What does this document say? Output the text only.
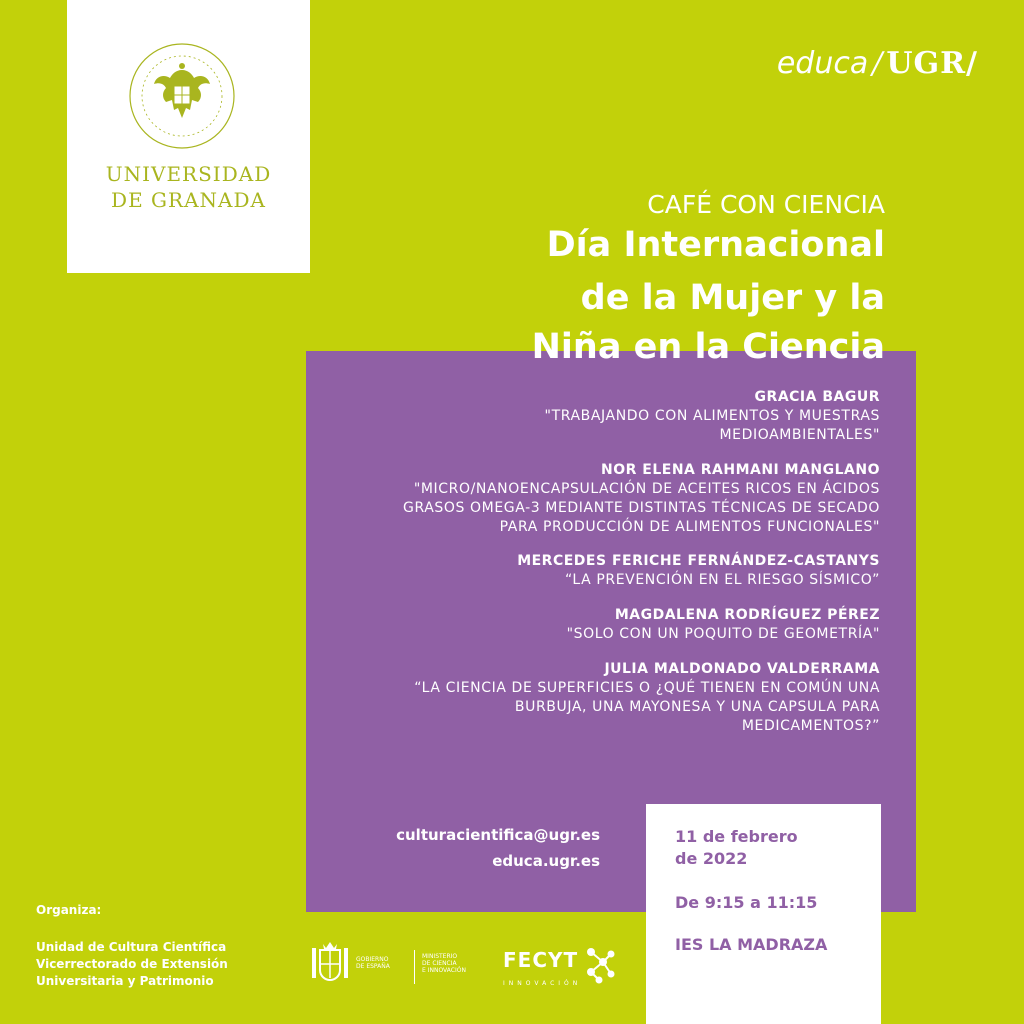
UNIVERSIDAD
DE GRANADA
educa / UGR/
CAFÉ CON CIENCIA
Día Internacional
de la Mujer y la
Niña en la Ciencia
GRACIA BAGUR
"TRABAJANDO CON ALIMENTOS Y MUESTRAS
MEDIOAMBIENTALES"
NOR ELENA RAHMANI MANGLANO
"MICRO/NANOENCAPSULACIÓN DE ACEITES RICOS EN ÁCIDOS
GRASOS OMEGA-3 MEDIANTE DISTINTAS TÉCNICAS DE SECADO
PARA PRODUCCIÓN DE ALIMENTOS FUNCIONALES"
MERCEDES FERICHE FERNÁNDEZ-CASTANYS
“LA PREVENCIÓN EN EL RIESGO SÍSMICO”
MAGDALENA RODRÍGUEZ PÉREZ
"SOLO CON UN POQUITO DE GEOMETRÍA"
JULIA MALDONADO VALDERRAMA
“LA CIENCIA DE SUPERFICIES O ¿QUÉ TIENEN EN COMÚN UNA
BURBUJA, UNA MAYONESA Y UNA CAPSULA PARA
MEDICAMENTOS?”
culturacientifica@ugr.es
educa.ugr.es
11 de febrero
de 2022
De 9:15 a 11:15
IES LA MADRAZA
Organiza:
Unidad de Cultura Científica
Vicerrectorado de Extensión
Universitaria y Patrimonio
GOBIERNO
DE ESPAÑA
MINISTERIO
DE CIENCIA
E INNOVACIÓN FECYT
INNOVACIÓN
